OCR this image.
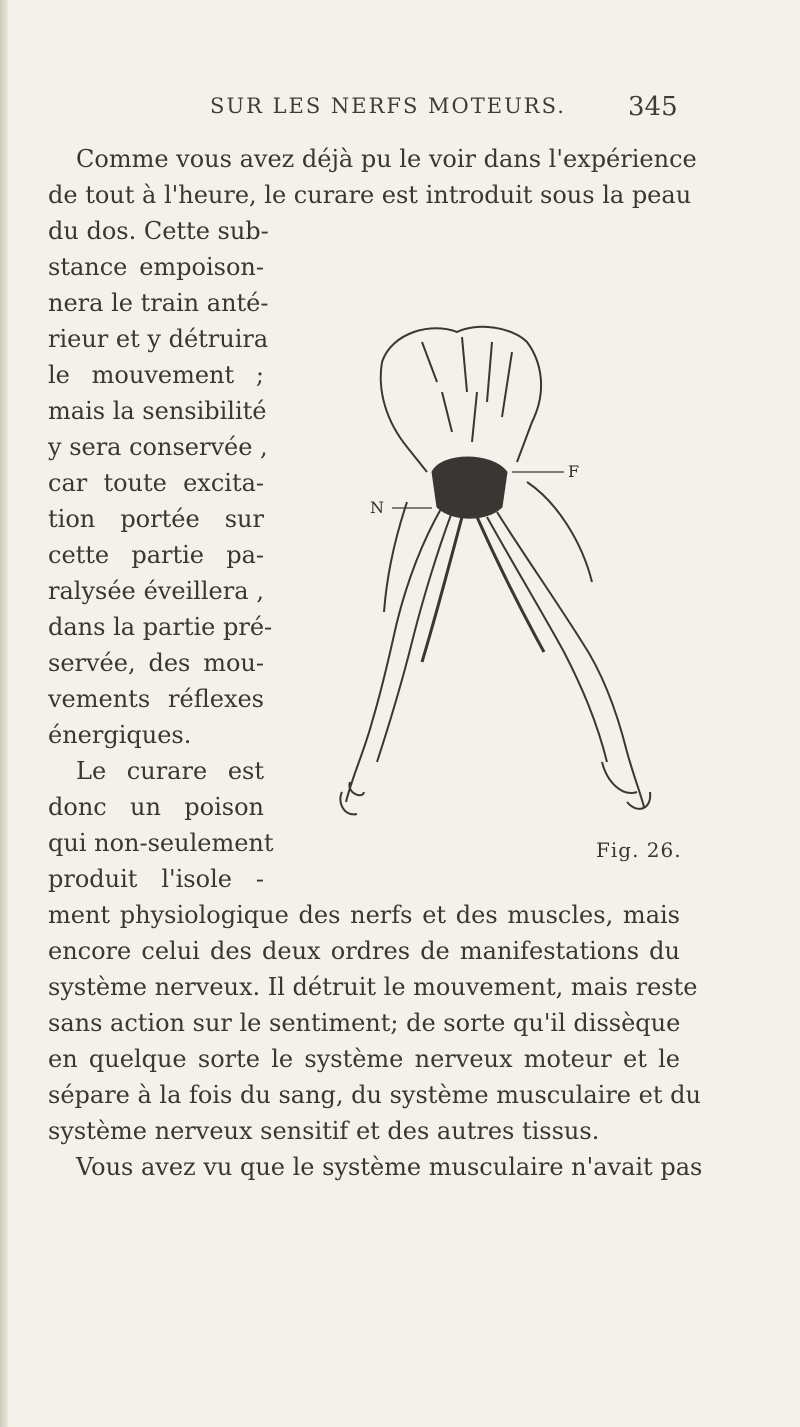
SUR LES NERFS MOTEURS.	345
Comme vous avez déjà pu le voir dans l'expérience
de tout à l'heure, le curare est introduit sous la peau
du dos. Cette sub-
stance empoison-
nera le train anté-
rieur et y détruira
le mouvement ;
mais la sensibilité
y sera conservée ,
car toute excita-
tion portée sur
cette partie pa-
ralysée éveillera ,
dans la partie pré-
servée, des mou-
vements réflexes
énergiques.
Le curare est
donc un poison
qui non-seulement
produit l'isole -
N
F
Fig. 26.
ment physiologique des nerfs et des muscles, mais
encore celui des deux ordres de manifestations du
système nerveux. Il détruit le mouvement, mais reste
sans action sur le sentiment; de sorte qu'il dissèque
en quelque sorte le système nerveux moteur et le
sépare à la fois du sang, du système musculaire et du
système nerveux sensitif et des autres tissus.
Vous avez vu que le système musculaire n'avait pas
